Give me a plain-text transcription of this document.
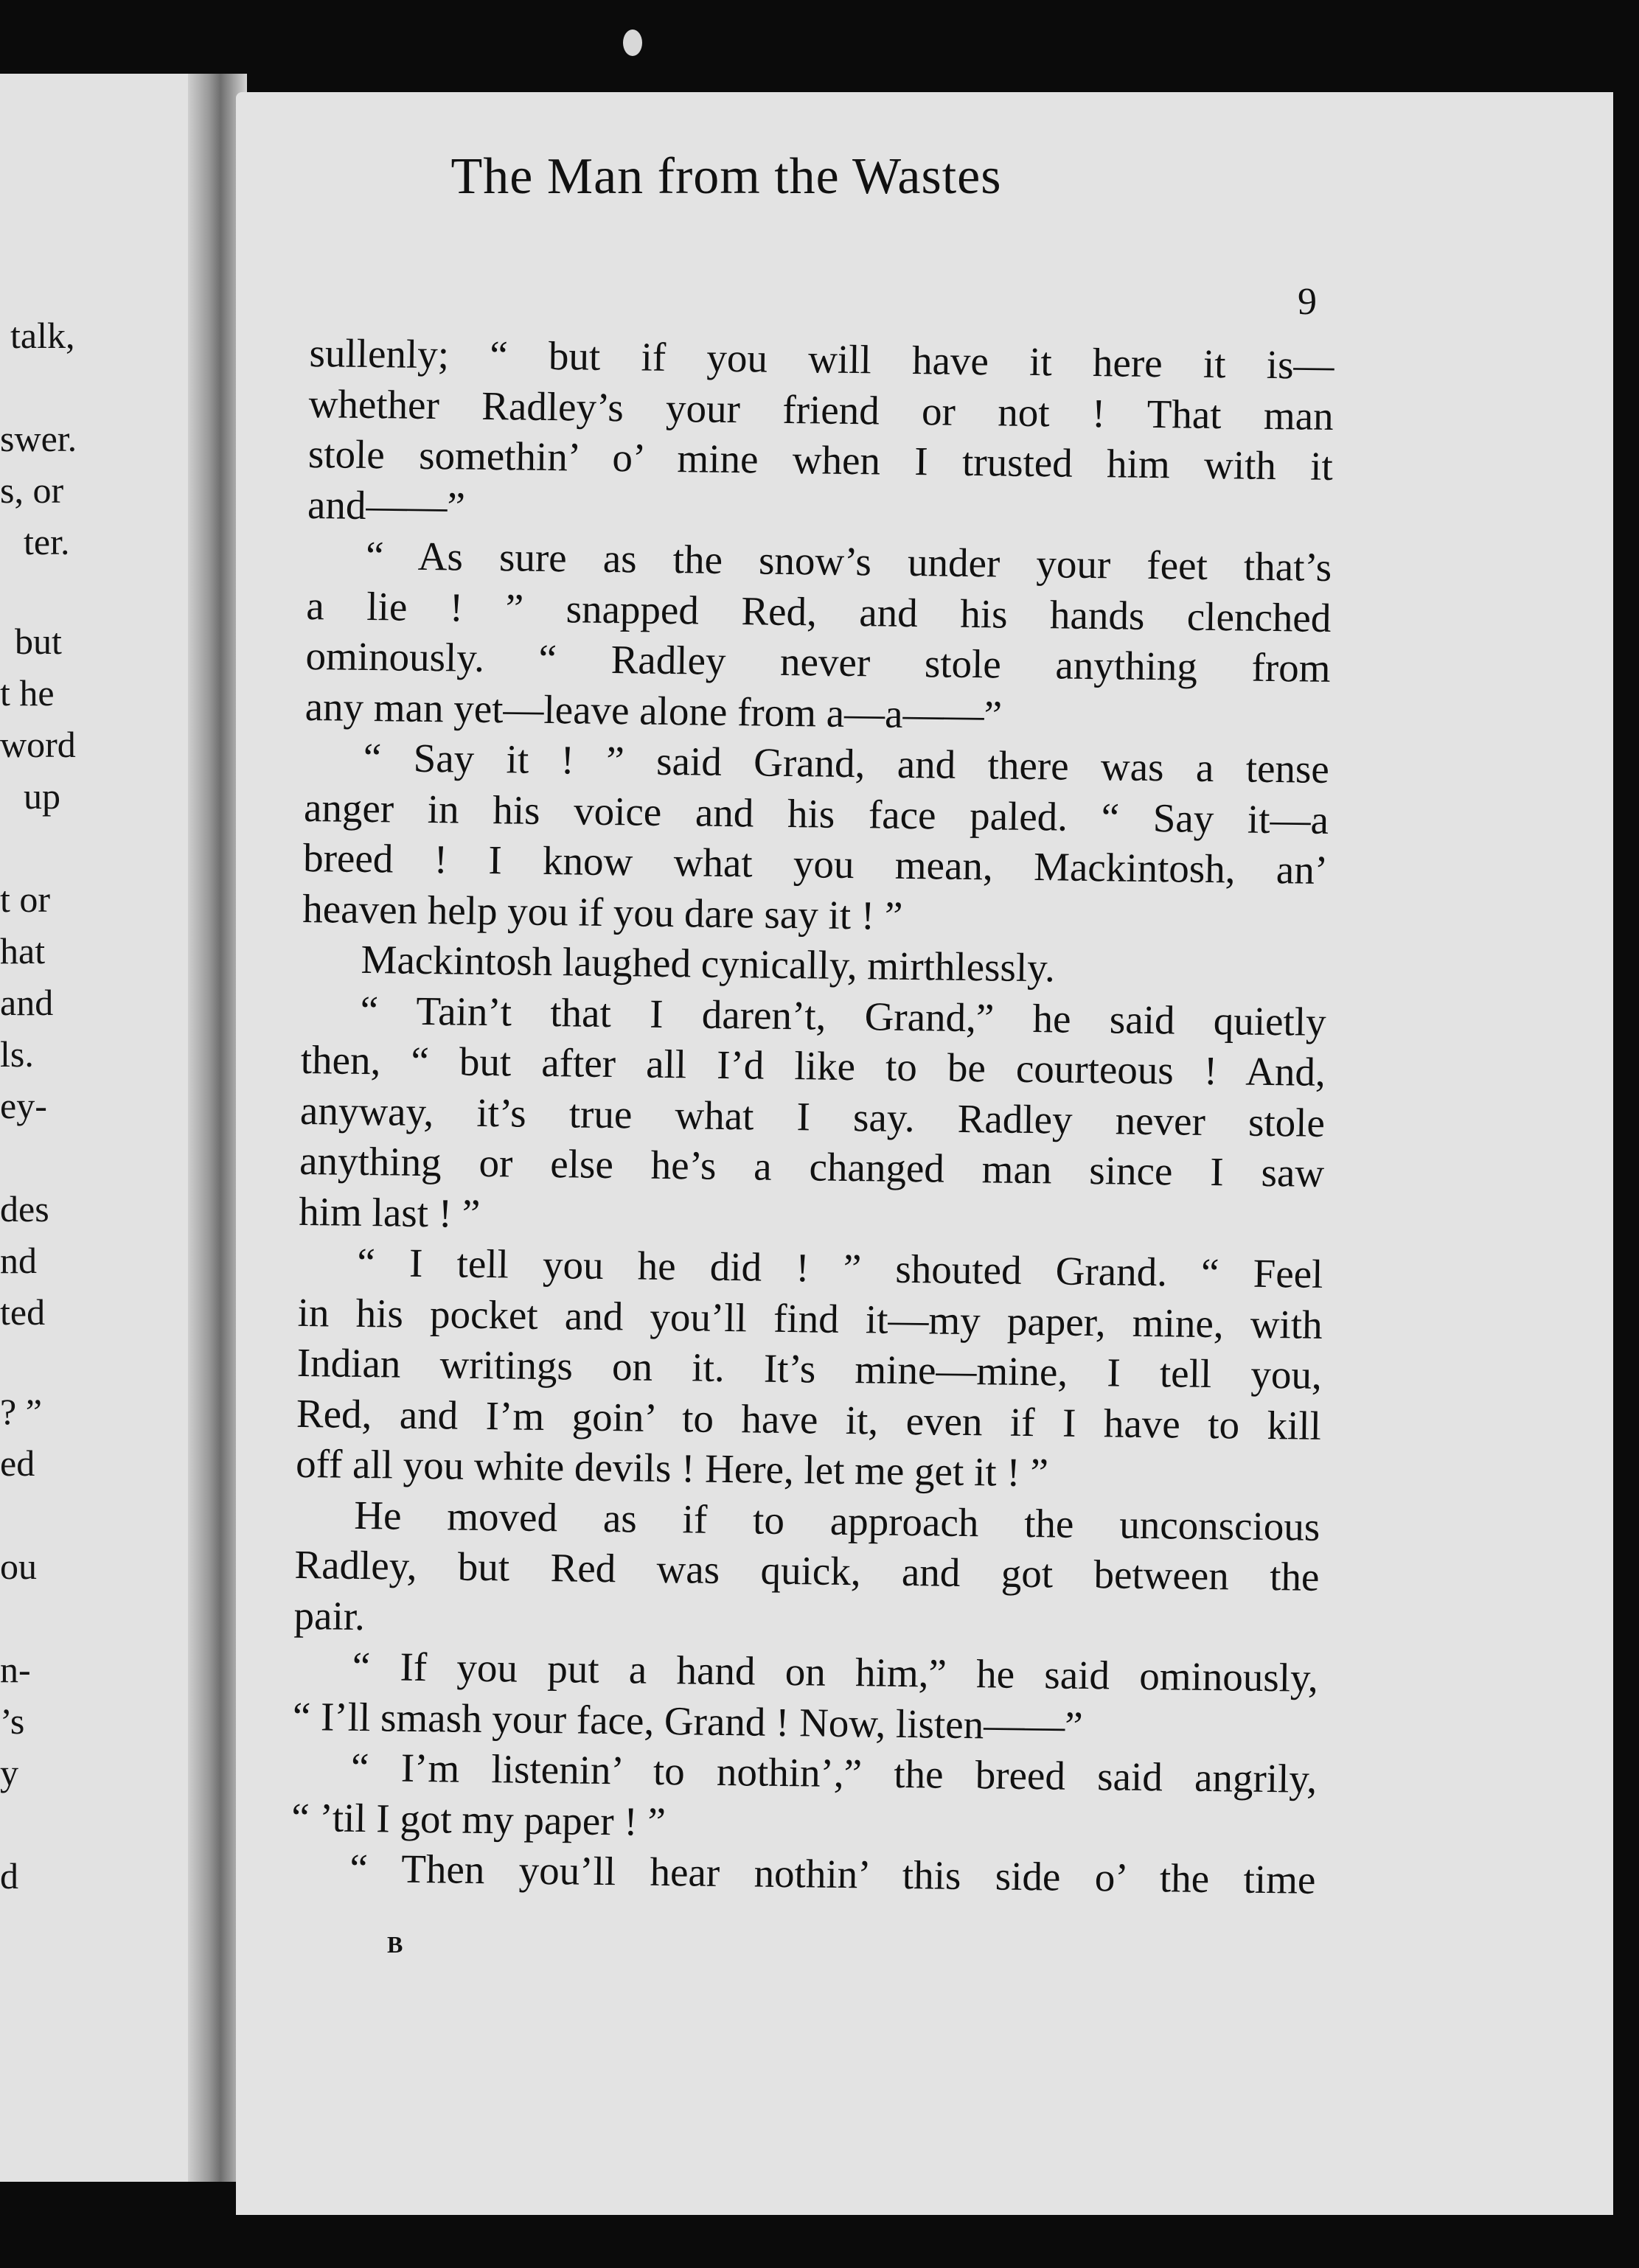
talk,
swer.
s, or
ter.
but
t he
word
up
t or
hat
and
ls.
ey-
des
nd
ted
? ”
ed
ou
n-
’s
y
d
The Man from the Wastes
9
sullenly; “ but if you will have it here it is—
whether Radley’s your friend or not ! That man
stole somethin’ o’ mine when I trusted him with it
and——”
“ As sure as the snow’s under your feet that’s
a lie ! ” snapped Red, and his hands clenched
ominously. “ Radley never stole anything from
any man yet—leave alone from a—a——”
“ Say it ! ” said Grand, and there was a tense
anger in his voice and his face paled. “ Say it—a
breed ! I know what you mean, Mackintosh, an’
heaven help you if you dare say it ! ”
Mackintosh laughed cynically, mirthlessly.
“ Tain’t that I daren’t, Grand,” he said quietly
then, “ but after all I’d like to be courteous ! And,
anyway, it’s true what I say. Radley never stole
anything or else he’s a changed man since I saw
him last ! ”
“ I tell you he did ! ” shouted Grand. “ Feel
in his pocket and you’ll find it—my paper, mine, with
Indian writings on it. It’s mine—mine, I tell you,
Red, and I’m goin’ to have it, even if I have to kill
off all you white devils ! Here, let me get it ! ”
He moved as if to approach the unconscious
Radley, but Red was quick, and got between the
pair.
“ If you put a hand on him,” he said ominously,
“ I’ll smash your face, Grand ! Now, listen——”
“ I’m listenin’ to nothin’,” the breed said angrily,
“ ’til I got my paper ! ”
“ Then you’ll hear nothin’ this side o’ the time
B
